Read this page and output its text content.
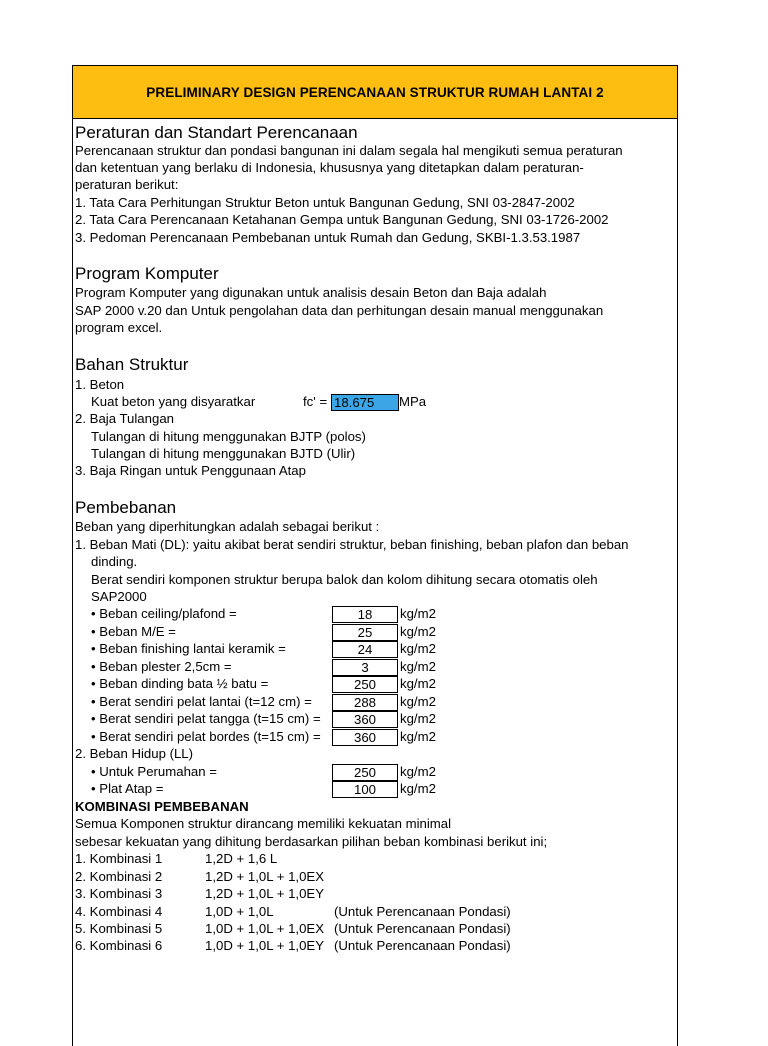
PRELIMINARY DESIGN PERENCANAAN STRUKTUR RUMAH LANTAI 2
Peraturan dan Standart Perencanaan
Perencanaan struktur dan pondasi bangunan ini dalam segala hal mengikuti semua peraturan
dan ketentuan yang berlaku di Indonesia, khususnya yang ditetapkan dalam peraturan-
peraturan berikut:
1. Tata Cara Perhitungan Struktur Beton untuk Bangunan Gedung, SNI 03-2847-2002
2. Tata Cara Perencanaan Ketahanan Gempa untuk Bangunan Gedung, SNI 03-1726-2002
3. Pedoman Perencanaan Pembebanan untuk Rumah dan Gedung, SKBI-1.3.53.1987
Program Komputer
Program Komputer yang digunakan untuk analisis desain Beton dan Baja adalah
SAP 2000 v.20 dan Untuk pengolahan data dan perhitungan desain manual menggunakan
program excel.
Bahan Struktur
1. Beton
Kuat beton yang disyaratkar	fc' = 18.675	MPa
2. Baja Tulangan
Tulangan di hitung menggunakan BJTP (polos)
Tulangan di hitung menggunakan BJTD (Ulir)
3. Baja Ringan untuk Penggunaan Atap
Pembebanan
Beban yang diperhitungkan adalah sebagai berikut :
1. Beban Mati (DL): yaitu akibat berat sendiri struktur, beban finishing, beban plafon dan beban
dinding.
Berat sendiri komponen struktur berupa balok dan kolom dihitung secara otomatis oleh
SAP2000
• Beban ceiling/plafond =	18	kg/m2
• Beban M/E =	25	kg/m2
• Beban finishing lantai keramik =	24	kg/m2
• Beban plester 2,5cm =	3	kg/m2
• Beban dinding bata ½ batu =	250	kg/m2
• Berat sendiri pelat lantai (t=12 cm) =	288	kg/m2
• Berat sendiri pelat tangga (t=15 cm) =	360	kg/m2
• Berat sendiri pelat bordes (t=15 cm) =	360	kg/m2
2. Beban Hidup (LL)
• Untuk Perumahan =	250	kg/m2
• Plat Atap =	100	kg/m2
KOMBINASI PEMBEBANAN
Semua Komponen struktur dirancang memiliki kekuatan minimal
sebesar kekuatan yang dihitung berdasarkan pilihan beban kombinasi berikut ini;
1. Kombinasi 1	1,2D + 1,6 L
2. Kombinasi 2	1,2D + 1,0L + 1,0EX
3. Kombinasi 3	1,2D + 1,0L + 1,0EY
4. Kombinasi 4	1,0D + 1,0L	(Untuk Perencanaan Pondasi)
5. Kombinasi 5	1,0D + 1,0L + 1,0EX (Untuk Perencanaan Pondasi)
6. Kombinasi 6	1,0D + 1,0L + 1,0EY (Untuk Perencanaan Pondasi)
